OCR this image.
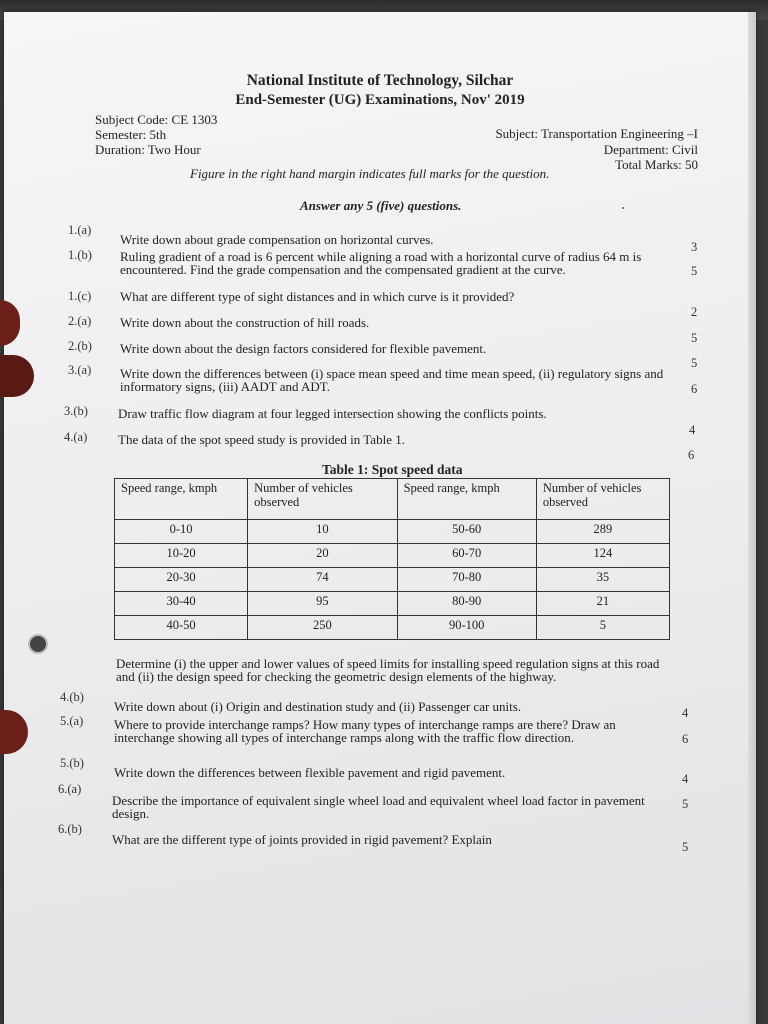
National Institute of Technology, Silchar
End-Semester (UG) Examinations, Nov' 2019
Subject Code: CE 1303
Semester: 5th
Duration: Two Hour
Subject: Transportation Engineering –I
Department: Civil
Total Marks: 50
Figure in the right hand margin indicates full marks for the question.
Answer any 5 (five) questions.
1.(a)
Write down about grade compensation on horizontal curves.	3
1.(b) Ruling gradient of a road is 6 percent while aligning a road with a horizontal curve of radius 64 m is encountered. Find the grade compensation and the compensated gradient at the curve.	5
1.(c) What are different type of sight distances and in which curve is it provided?
2
2.(a) Write down about the construction of hill roads.
5
2.(b) Write down about the design factors considered for flexible pavement.
5
3.(a) Write down the differences between (i) space mean speed and time mean speed, (ii) regulatory signs and informatory signs, (iii) AADT and ADT.	6
3.(b) Draw traffic flow diagram at four legged intersection showing the conflicts points.
4
4.(a) The data of the spot speed study is provided in Table 1.
6
Table 1: Spot speed data
Speed range, kmph	Number of vehicles observed	Speed range, kmph	Number of vehicles observed
0-10	10	50-60	289
10-20	20	60-70	124
20-30	74	70-80	35
30-40	95	80-90	21
40-50	250	90-100	5
Determine (i) the upper and lower values of speed limits for installing speed regulation signs at this road and (ii) the design speed for checking the geometric design elements of the highway.
4.(b)
Write down about (i) Origin and destination study and (ii) Passenger car units.	4
5.(a) Where to provide interchange ramps? How many types of interchange ramps are there? Draw an interchange showing all types of interchange ramps along with the traffic flow direction.	6
5.(b)
Write down the differences between flexible pavement and rigid pavement.	4
6.(a)
Describe the importance of equivalent single wheel load and equivalent wheel load factor in pavement design.
5
6.(b)
What are the different type of joints provided in rigid pavement? Explain	5
